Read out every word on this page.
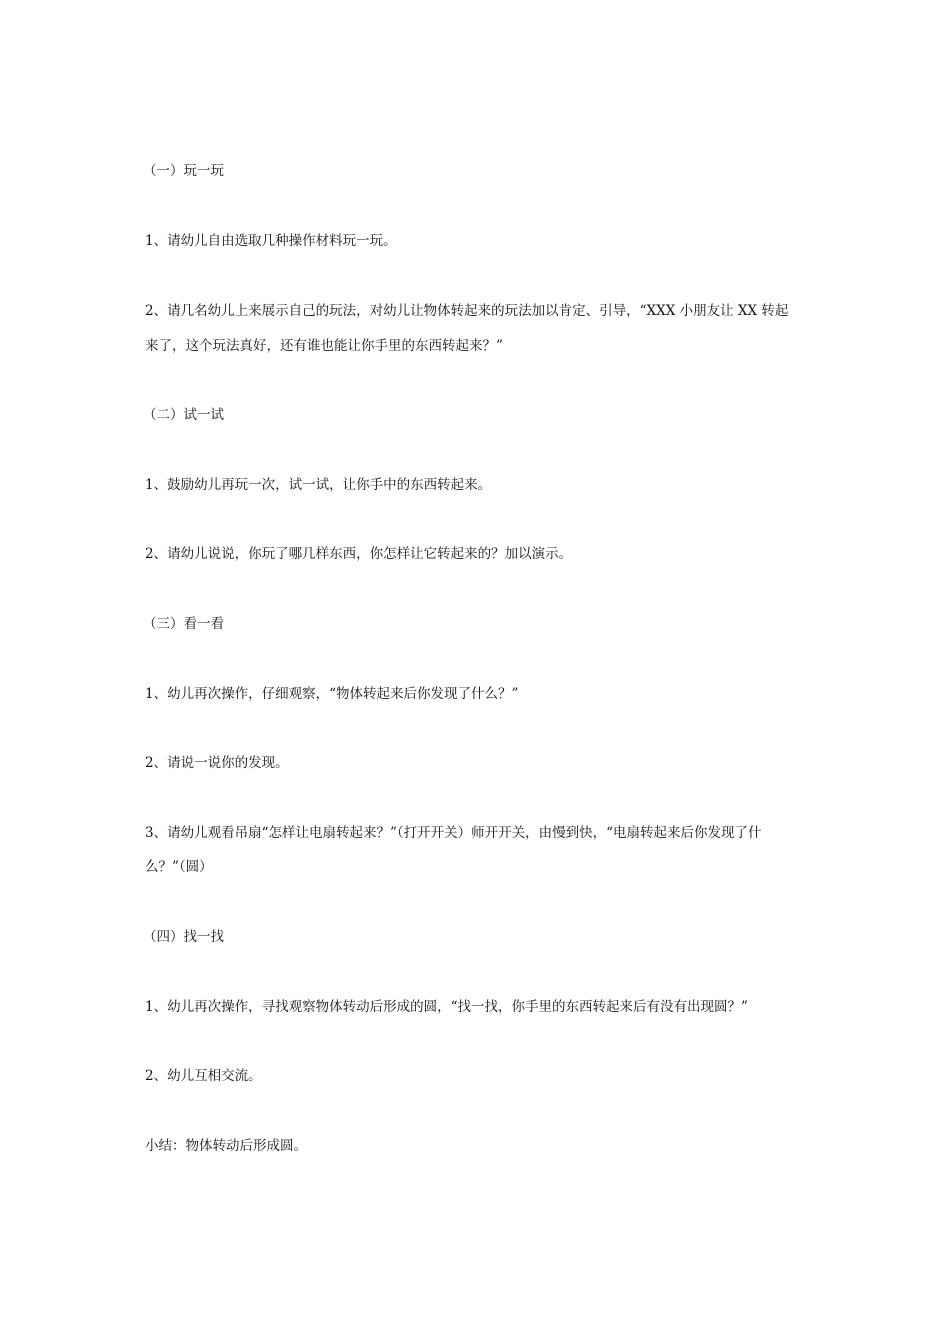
（一）玩一玩

1、请幼儿自由选取几种操作材料玩一玩。

2、请几名幼儿上来展示自己的玩法，对幼儿让物体转起来的玩法加以肯定、引导，“XXX 小朋友让 XX 转起

来了，这个玩法真好，还有谁也能让你手里的东西转起来？”

（二）试一试

1、鼓励幼儿再玩一次，试一试，让你手中的东西转起来。

2、请幼儿说说，你玩了哪几样东西，你怎样让它转起来的？加以演示。

（三）看一看

1、幼儿再次操作，仔细观察，“物体转起来后你发现了什么？”

2、请说一说你的发现。

3、请幼儿观看吊扇“怎样让电扇转起来？”（打开开关）师开开关，由慢到快，“电扇转起来后你发现了什

么？”（圆）

（四）找一找

1、幼儿再次操作，寻找观察物体转动后形成的圆，“找一找，你手里的东西转起来后有没有出现圆？”

2、幼儿互相交流。

小结：物体转动后形成圆。
